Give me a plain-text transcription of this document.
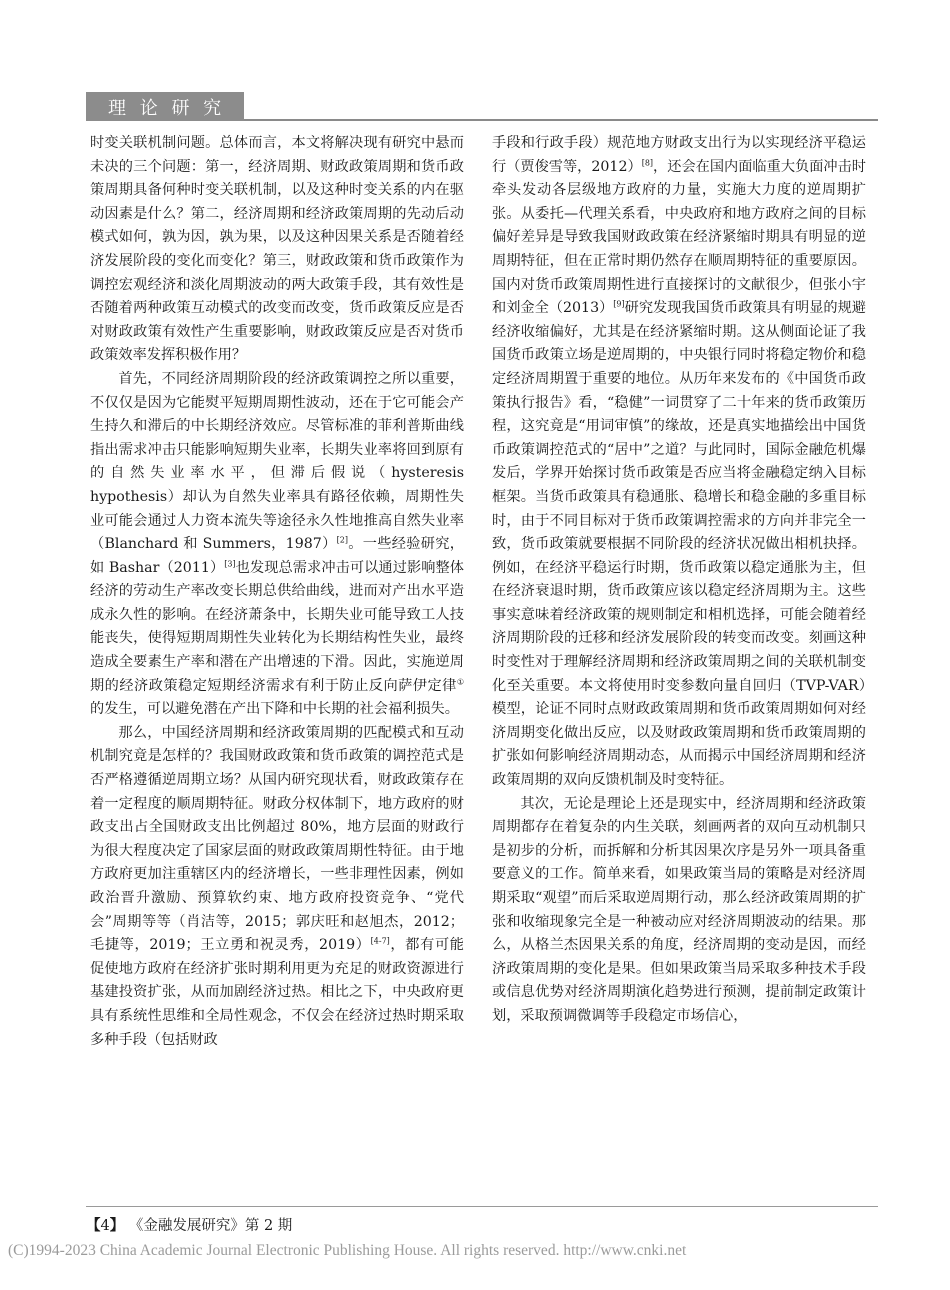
理 论 研 究

时变关联机制问题。总体而言，本文将解决现有研究中悬而未决的三个问题：第一，经济周期、财政政策周期和货币政策周期具备何种时变关联机制，以及这种时变关系的内在驱动因素是什么？第二，经济周期和经济政策周期的先动后动模式如何，孰为因，孰为果，以及这种因果关系是否随着经济发展阶段的变化而变化？第三，财政政策和货币政策作为调控宏观经济和淡化周期波动的两大政策手段，其有效性是否随着两种政策互动模式的改变而改变，货币政策反应是否对财政政策有效性产生重要影响，财政政策反应是否对货币政策效率发挥积极作用？

首先，不同经济周期阶段的经济政策调控之所以重要，不仅仅是因为它能熨平短期周期性波动，还在于它可能会产生持久和滞后的中长期经济效应。尽管标准的菲利普斯曲线指出需求冲击只能影响短期失业率，长期失业率将回到原有的自然失业率水平，但滞后假说（hysteresis hypothesis）却认为自然失业率具有路径依赖，周期性失业可能会通过人力资本流失等途径永久性地推高自然失业率（Blanchard 和 Summers，1987）[2]。一些经验研究，如 Bashar（2011）[3]也发现总需求冲击可以通过影响整体经济的劳动生产率改变长期总供给曲线，进而对产出水平造成永久性的影响。在经济萧条中，长期失业可能导致工人技能丧失，使得短期周期性失业转化为长期结构性失业，最终造成全要素生产率和潜在产出增速的下滑。因此，实施逆周期的经济政策稳定短期经济需求有利于防止反向萨伊定律①的发生，可以避免潜在产出下降和中长期的社会福利损失。

那么，中国经济周期和经济政策周期的匹配模式和互动机制究竟是怎样的？我国财政政策和货币政策的调控范式是否严格遵循逆周期立场？从国内研究现状看，财政政策存在着一定程度的顺周期特征。财政分权体制下，地方政府的财政支出占全国财政支出比例超过 80%，地方层面的财政行为很大程度决定了国家层面的财政政策周期性特征。由于地方政府更加注重辖区内的经济增长，一些非理性因素，例如政治晋升激励、预算软约束、地方政府投资竞争、“党代会”周期等等（肖洁等，2015；郭庆旺和赵旭杰，2012；毛捷等，2019；王立勇和祝灵秀，2019）[4-7]，都有可能促使地方政府在经济扩张时期利用更为充足的财政资源进行基建投资扩张，从而加剧经济过热。相比之下，中央政府更具有系统性思维和全局性观念，不仅会在经济过热时期采取多种手段（包括财政

手段和行政手段）规范地方财政支出行为以实现经济平稳运行（贾俊雪等，2012）[8]，还会在国内面临重大负面冲击时牵头发动各层级地方政府的力量，实施大力度的逆周期扩张。从委托—代理关系看，中央政府和地方政府之间的目标偏好差异是导致我国财政政策在经济紧缩时期具有明显的逆周期特征，但在正常时期仍然存在顺周期特征的重要原因。国内对货币政策周期性进行直接探讨的文献很少，但张小宇和刘金全（2013）[9]研究发现我国货币政策具有明显的规避经济收缩偏好，尤其是在经济紧缩时期。这从侧面论证了我国货币政策立场是逆周期的，中央银行同时将稳定物价和稳定经济周期置于重要的地位。从历年来发布的《中国货币政策执行报告》看，“稳健”一词贯穿了二十年来的货币政策历程，这究竟是“用词审慎”的缘故，还是真实地描绘出中国货币政策调控范式的“居中”之道？与此同时，国际金融危机爆发后，学界开始探讨货币政策是否应当将金融稳定纳入目标框架。当货币政策具有稳通胀、稳增长和稳金融的多重目标时，由于不同目标对于货币政策调控需求的方向并非完全一致，货币政策就要根据不同阶段的经济状况做出相机抉择。例如，在经济平稳运行时期，货币政策以稳定通胀为主，但在经济衰退时期，货币政策应该以稳定经济周期为主。这些事实意味着经济政策的规则制定和相机选择，可能会随着经济周期阶段的迁移和经济发展阶段的转变而改变。刻画这种时变性对于理解经济周期和经济政策周期之间的关联机制变化至关重要。本文将使用时变参数向量自回归（TVP-VAR）模型，论证不同时点财政政策周期和货币政策周期如何对经济周期变化做出反应，以及财政政策周期和货币政策周期的扩张如何影响经济周期动态，从而揭示中国经济周期和经济政策周期的双向反馈机制及时变特征。

其次，无论是理论上还是现实中，经济周期和经济政策周期都存在着复杂的内生关联，刻画两者的双向互动机制只是初步的分析，而拆解和分析其因果次序是另外一项具备重要意义的工作。简单来看，如果政策当局的策略是对经济周期采取“观望”而后采取逆周期行动，那么经济政策周期的扩张和收缩现象完全是一种被动应对经济周期波动的结果。那么，从格兰杰因果关系的角度，经济周期的变动是因，而经济政策周期的变化是果。但如果政策当局采取多种技术手段或信息优势对经济周期演化趋势进行预测，提前制定政策计划，采取预调微调等手段稳定市场信心，

【4】 《金融发展研究》第 2 期
(C)1994-2023 China Academic Journal Electronic Publishing House. All rights reserved. http://www.cnki.net
